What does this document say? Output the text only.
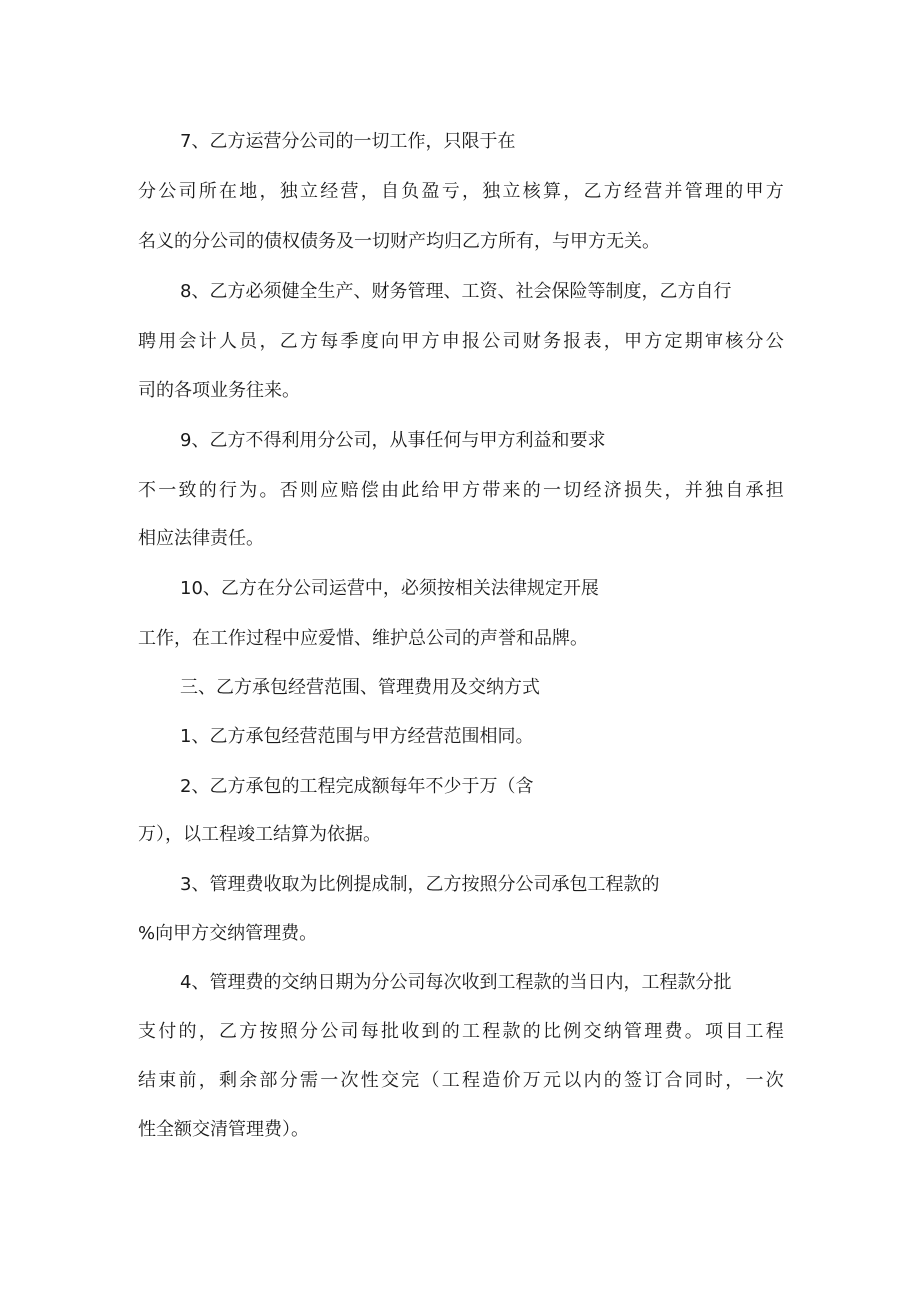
7、乙方运营分公司的一切工作，只限于在
分 公 司 所 在 地 ， 独 立 经 营 ， 自 负 盈 亏 ， 独 立 核 算 ， 乙 方 经 营 并 管 理 的 甲 方
名义的分公司的债权债务及一切财产均归乙方所有，与甲方无关。
8、乙方必须健全生产、财务管理、工资、社会保险等制度，乙方自行
聘 用 会 计 人 员 ， 乙 方 每 季 度 向 甲 方 申 报 公 司 财 务 报 表 ， 甲 方 定 期 审 核 分 公
司的各项业务往来。
9、乙方不得利用分公司，从事任何与甲方利益和要求
不 一 致 的 行 为 。 否 则 应 赔 偿 由 此 给 甲 方 带 来 的 一 切 经 济 损 失 ， 并 独 自 承 担
相应法律责任。
10、乙方在分公司运营中，必须按相关法律规定开展
工作，在工作过程中应爱惜、维护总公司的声誉和品牌。
三、乙方承包经营范围、管理费用及交纳方式
1、乙方承包经营范围与甲方经营范围相同。
2、乙方承包的工程完成额每年不少于万（含
万），以工程竣工结算为依据。
3、管理费收取为比例提成制，乙方按照分公司承包工程款的
%向甲方交纳管理费。
4、管理费的交纳日期为分公司每次收到工程款的当日内，工程款分批
支 付 的 ， 乙 方 按 照 分 公 司 每 批 收 到 的 工 程 款 的 比 例 交 纳 管 理 费 。 项 目 工 程
结 束 前 ， 剩 余 部 分 需 一 次 性 交 完 （ 工 程 造 价 万 元 以 内 的 签 订 合 同 时 ， 一 次
性全额交清管理费）。
